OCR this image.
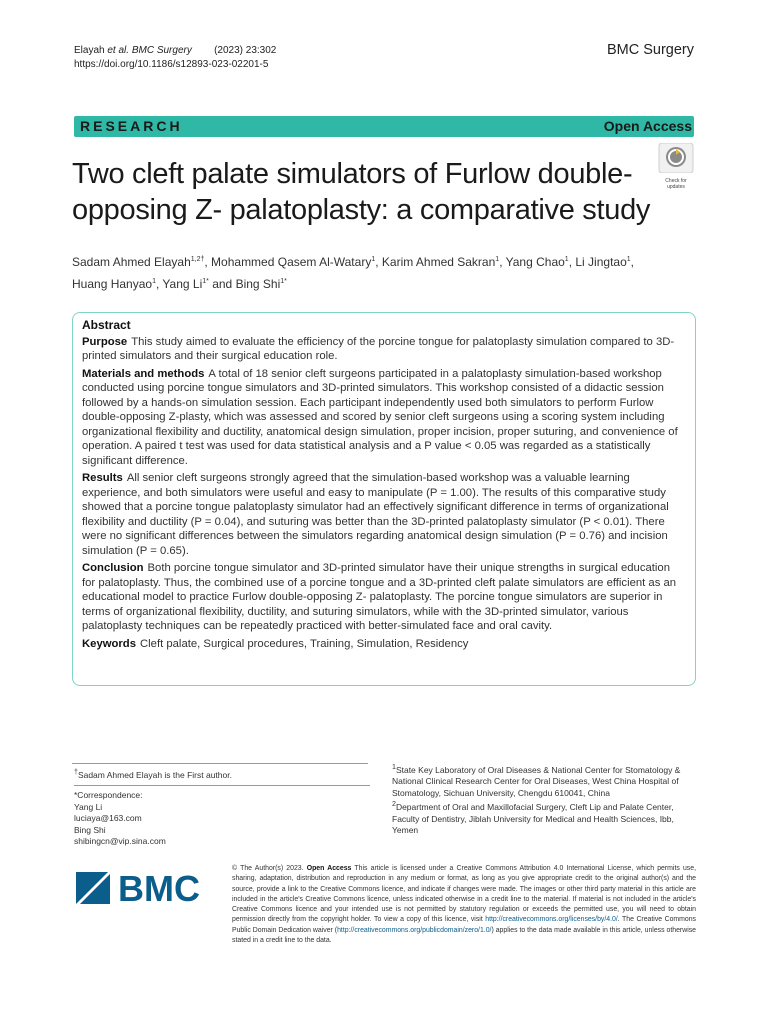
Elayah et al. BMC Surgery (2023) 23:302
https://doi.org/10.1186/s12893-023-02201-5
BMC Surgery
RESEARCH	Open Access
Two cleft palate simulators of Furlow double-opposing Z- palatoplasty: a comparative study
Check for
updates
Sadam Ahmed Elayah$^{1,2\dagger}$, Mohammed Qasem Al-Watary$^1$, Karim Ahmed Sakran$^1$, Yang Chao$^1$, Li Jingtao$^1$, Huang Hanyao$^1$, Yang $Li^{1*}$ and Bing Shi$^{1*}$
Abstract

Purpose This study aimed to evaluate the efficiency of the porcine tongue for palatoplasty simulation compared to 3D-printed simulators and their surgical education role.

Materials and methods A total of 18 senior cleft surgeons participated in a palatoplasty simulation-based workshop conducted using porcine tongue simulators and 3D-printed simulators. This workshop consisted of a didactic session followed by a hands-on simulation session. Each participant independently used both simulators to perform Furlow double-opposing Z-plasty, which was assessed and scored by senior cleft surgeons using a scoring system including organizational flexibility and ductility, anatomical design simulation, proper incision, proper suturing, and convenience of operation. A paired t test was used for data statistical analysis and a P value < 0.05 was regarded as a statistically significant difference.

Results All senior cleft surgeons strongly agreed that the simulation-based workshop was a valuable learning experience, and both simulators were useful and easy to manipulate (P = 1.00). The results of this comparative study showed that a porcine tongue palatoplasty simulator had an effectively significant difference in terms of organizational flexibility and ductility (P = 0.04), and suturing was better than the 3D-printed palatoplasty simulator (P < 0.01). There were no significant differences between the simulators regarding anatomical design simulation (P = 0.76) and incision simulation (P = 0.65).

Conclusion Both porcine tongue simulator and 3D-printed simulator have their unique strengths in surgical education for palatoplasty. Thus, the combined use of a porcine tongue and a 3D-printed cleft palate simulators are efficient as an educational model to practice Furlow double-opposing Z- palatoplasty. The porcine tongue simulators are superior in terms of organizational flexibility, ductility, and suturing simulators, while with the 3D-printed simulator, various palatoplasty techniques can be repeatedly practiced with better-simulated face and oral cavity.

Keywords Cleft palate, Surgical procedures, Training, Simulation, Residency

†Sadam Ahmed Elayah is the First author.

*Correspondence:

Yang Li

luciaya@163.com

Bing Shi

shibingcn@vip.sina.com

$^1$State Key Laboratory of Oral Diseases & National Center for Stomatology & National Clinical Research Center for Oral Diseases, West China Hospital of Stomatology, Sichuan University, Chengdu 610041, China

$^2$Department of Oral and Maxillofacial Surgery, Cleft Lip and Palate Center, Faculty of Dentistry, Jiblah University for Medical and Health Sciences, Ibb, Yemen

BMC	© The Author(s) 2023. Open Access This article is licensed under a Creative Commons Attribution 4.0 International License, which permits use, sharing, adaptation, distribution and reproduction in any medium or format, as long as you give appropriate credit to the original author(s) and the source, provide a link to the Creative Commons licence, and indicate if changes were made. The images or other third party material in this article are included in the article's Creative Commons licence, unless indicated otherwise in a credit line to the material. If material is not included in the article's Creative Commons licence and your intended use is not permitted by statutory regulation or exceeds the permitted use, you will need to obtain permission directly from the copyright holder. To view a copy of this licence, visit http://creativecommons.org/licenses/by/4.0/. The Creative Commons Public Domain Dedication waiver (http://creativecommons.org/publicdomain/zero/1.0/) applies to the data made available in this article, unless otherwise stated in a credit line to the data.
